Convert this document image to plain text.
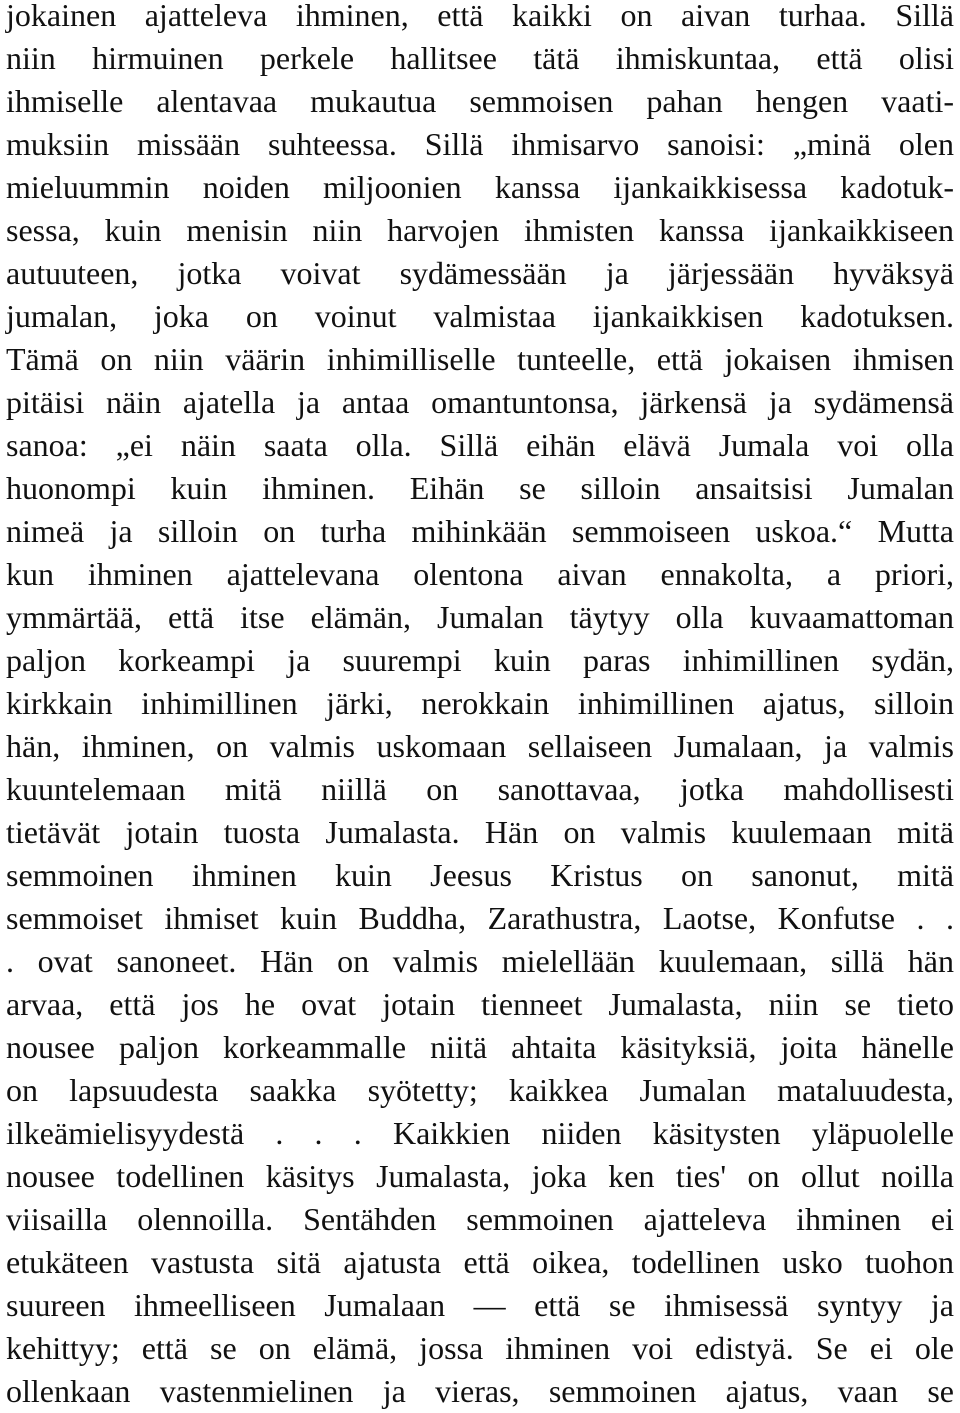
jokainen ajatteleva ihminen, että kaikki on aivan turhaa. Sillä
niin hirmuinen perkele hallitsee tätä ihmiskuntaa, että olisi
ihmiselle alentavaa mukautua semmoisen pahan hengen vaati-
muksiin missään suhteessa. Sillä ihmisarvo sanoisi: „minä olen
mieluummin noiden miljoonien kanssa ijankaikkisessa kadotuk-
sessa, kuin menisin niin harvojen ihmisten kanssa ijankaikkiseen
autuuteen, jotka voivat sydämessään ja järjessään hyväksyä
jumalan, joka on voinut valmistaa ijankaikkisen kadotuksen.
Tämä on niin väärin inhimilliselle tunteelle, että jokaisen ihmisen
pitäisi näin ajatella ja antaa omantuntonsa, järkensä ja sydämensä
sanoa: „ei näin saata olla. Sillä eihän elävä Jumala voi olla
huonompi kuin ihminen. Eihän se silloin ansaitsisi Jumalan
nimeä ja silloin on turha mihinkään semmoiseen uskoa.“ Mutta
kun ihminen ajattelevana olentona aivan ennakolta, a priori,
ymmärtää, että itse elämän, Jumalan täytyy olla kuvaamattoman
paljon korkeampi ja suurempi kuin paras inhimillinen sydän,
kirkkain inhimillinen järki, nerokkain inhimillinen ajatus, silloin
hän, ihminen, on valmis uskomaan sellaiseen Jumalaan, ja valmis
kuuntelemaan mitä niillä on sanottavaa, jotka mahdollisesti
tietävät jotain tuosta Jumalasta. Hän on valmis kuulemaan mitä
semmoinen ihminen kuin Jeesus Kristus on sanonut, mitä
semmoiset ihmiset kuin Buddha, Zarathustra, Laotse, Konfutse . .
. ovat sanoneet. Hän on valmis mielellään kuulemaan, sillä hän
arvaa, että jos he ovat jotain tienneet Jumalasta, niin se tieto
nousee paljon korkeammalle niitä ahtaita käsityksiä, joita hänelle
on lapsuudesta saakka syötetty; kaikkea Jumalan mataluudesta,
ilkeämielisyydestä . . . Kaikkien niiden käsitysten yläpuolelle
nousee todellinen käsitys Jumalasta, joka ken ties' on ollut noilla
viisailla olennoilla. Sentähden semmoinen ajatteleva ihminen ei
etukäteen vastusta sitä ajatusta että oikea, todellinen usko tuohon
suureen ihmeelliseen Jumalaan — että se ihmisessä syntyy ja
kehittyy; että se on elämä, jossa ihminen voi edistyä. Se ei ole
ollenkaan vastenmielinen ja vieras, semmoinen ajatus, vaan se
